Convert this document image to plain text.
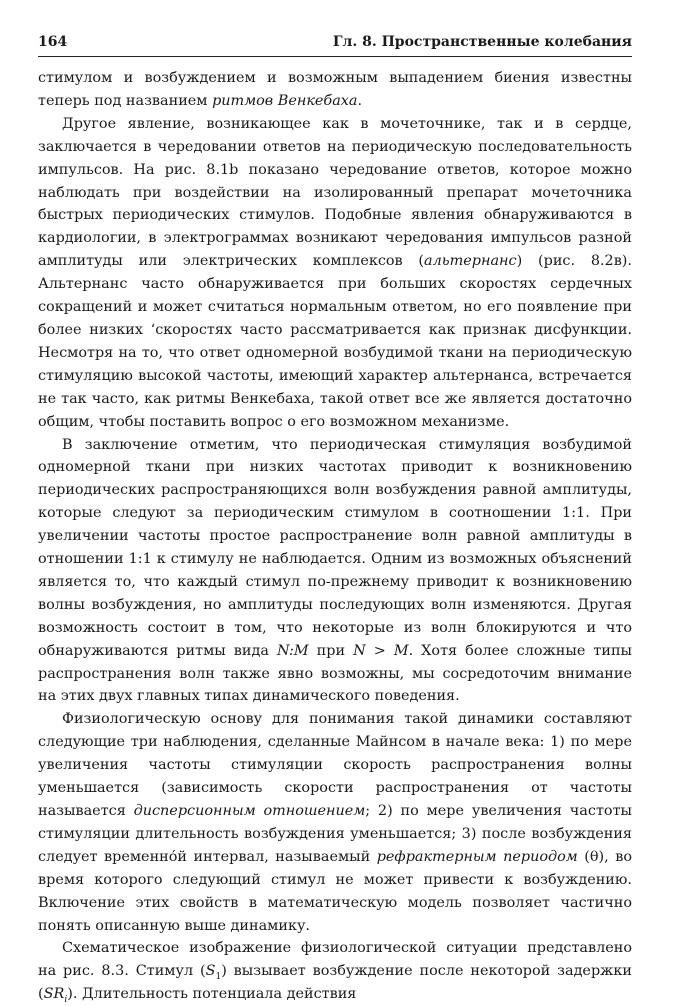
164	Гл. 8. Пространственные колебания

стимулом и возбуждением и возможным выпадением биения известны теперь под названием ритмов Венкебаха.

Другое явление, возникающее как в мочеточнике, так и в сердце, заключается в чередовании ответов на периодическую последовательность импульсов. На рис. 8.1b показано чередование ответов, которое можно наблюдать при воздействии на изолированный препарат мочеточника быстрых периодических стимулов. Подобные явления обнаруживаются в кардиологии, в электрограммах возникают чередования импульсов разной амплитуды или электрических комплексов (альтернанс) (рис. 8.2в). Альтернанс часто обнаруживается при больших скоростях сердечных сокращений и может считаться нормальным ответом, но его появление при более низких ‘скоростях часто рассматривается как признак дисфункции. Несмотря на то, что ответ одномерной возбудимой ткани на периодическую стимуляцию высокой частоты, имеющий характер альтернанса, встречается не так часто, как ритмы Венкебаха, такой ответ все же является достаточно общим, чтобы поставить вопрос о его возможном механизме.

В заключение отметим, что периодическая стимуляция возбудимой одномерной ткани при низких частотах приводит к возникновению периодических распространяющихся волн возбуждения равной амплитуды, которые следуют за периодическим стимулом в соотношении 1:1. При увеличении частоты простое распространение волн равной амплитуды в отношении 1:1 к стимулу не наблюдается. Одним из возможных объяснений является то, что каждый стимул по-прежнему приводит к возникновению волны возбуждения, но амплитуды последующих волн изменяются. Другая возможность состоит в том, что некоторые из волн блокируются и что обнаруживаются ритмы вида N:M при N > M. Хотя более сложные типы распространения волн также явно возможны, мы сосредоточим внимание на этих двух главных типах динамического поведения.

Физиологическую основу для понимания такой динамики составляют следующие три наблюдения, сделанные Майнсом в начале века: 1) по мере увеличения частоты стимуляции скорость распространения волны уменьшается (зависимость скорости распространения от частоты называется дисперсионным отношением; 2) по мере увеличения частоты стимуляции длительность возбуждения уменьшается; 3) после возбуждения следует временно́й интервал, называемый рефрактерным периодом (θ), во время которого следующий стимул не может привести к возбуждению. Включение этих свойств в математическую модель позволяет частично понять описанную выше динамику.

Схематическое изображение физиологической ситуации представлено на рис. 8.3. Стимул $(S_1)$ вызывает возбуждение после некоторой задержки $(SR_i)$. Длительность потенциала действия
